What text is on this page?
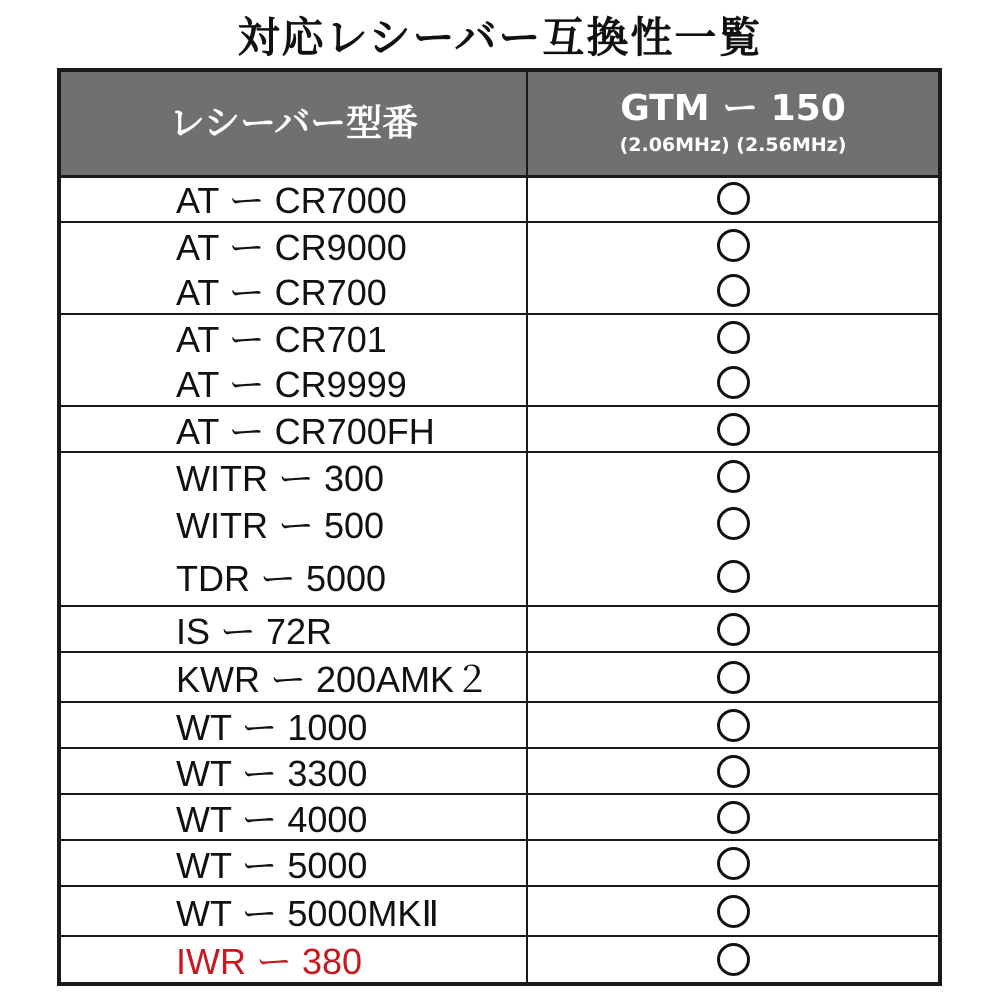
対応レシーバー互換性一覧
レシーバー型番	GTM ー 150
(2.06MHz) (2.56MHz)
AT ー CR7000
AT ー CR9000
AT ー CR700
AT ー CR701
AT ー CR9999
AT ー CR700FH
WITR ー 300
WITR ー 500
TDR ー 5000
IS ー 72R
KWR ー 200AMK２
WT ー 1000
WT ー 3300
WT ー 4000
WT ー 5000
WT ー 5000MKⅡ
IWR ー 380
